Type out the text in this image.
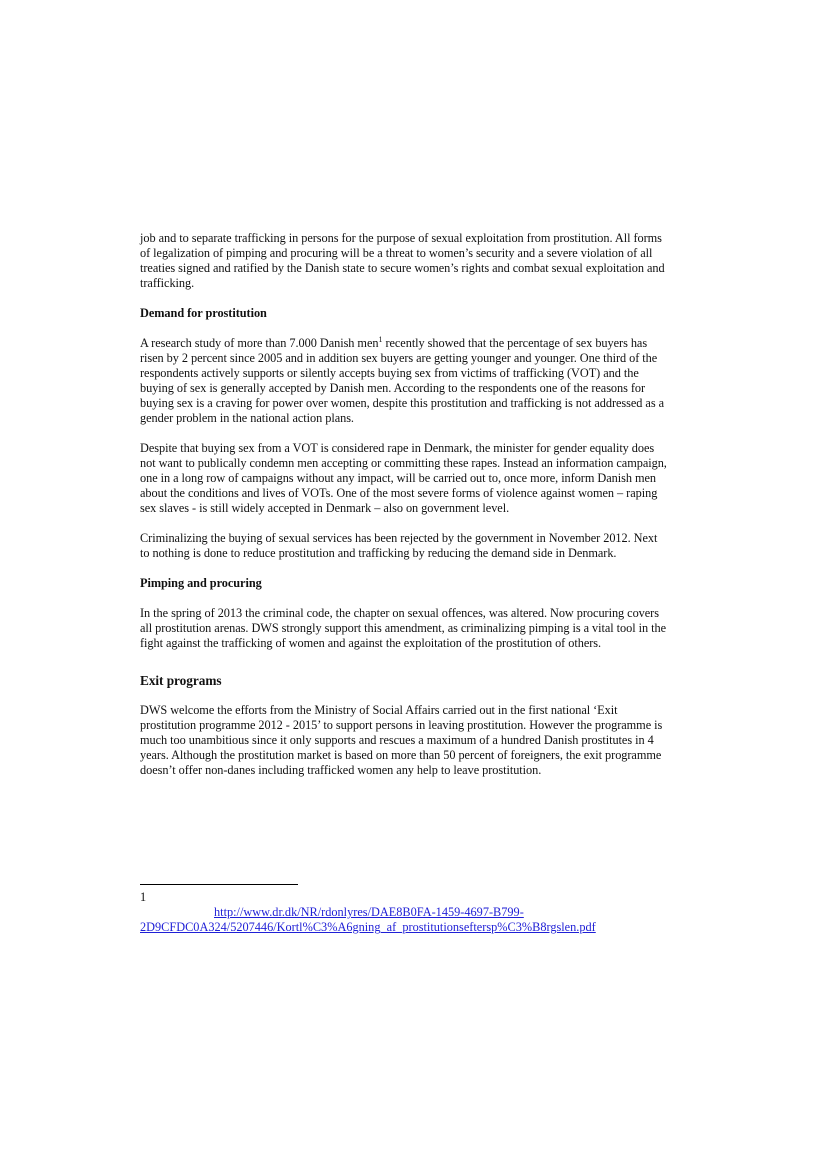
job and to separate trafficking in persons for the purpose of sexual exploitation from prostitution. All forms of legalization of pimping and procuring will be a threat to women’s security and a severe violation of all treaties signed and ratified by the Danish state to secure women’s rights and combat sexual exploitation and trafficking.

Demand for prostitution

A research study of more than 7.000 Danish men$^1$ recently showed that the percentage of sex buyers has risen by 2 percent since 2005 and in addition sex buyers are getting younger and younger. One third of the respondents actively supports or silently accepts buying sex from victims of trafficking (VOT) and the buying of sex is generally accepted by Danish men. According to the respondents one of the reasons for buying sex is a craving for power over women, despite this prostitution and trafficking is not addressed as a gender problem in the national action plans.

Despite that buying sex from a VOT is considered rape in Denmark, the minister for gender equality does not want to publically condemn men accepting or committing these rapes. Instead an information campaign, one in a long row of campaigns without any impact, will be carried out to, once more, inform Danish men about the conditions and lives of VOTs. One of the most severe forms of violence against women – raping sex slaves - is still widely accepted in Denmark – also on government level.

Criminalizing the buying of sexual services has been rejected by the government in November 2012. Next to nothing is done to reduce prostitution and trafficking by reducing the demand side in Denmark.

Pimping and procuring

In the spring of 2013 the criminal code, the chapter on sexual offences, was altered. Now procuring covers all prostitution arenas. DWS strongly support this amendment, as criminalizing pimping is a vital tool in the fight against the trafficking of women and against the exploitation of the prostitution of others.

Exit programs

DWS welcome the efforts from the Ministry of Social Affairs carried out in the first national ‘Exit prostitution programme 2012 - 2015’ to support persons in leaving prostitution. However the programme is much too unambitious since it only supports and rescues a maximum of a hundred Danish prostitutes in 4 years. Although the prostitution market is based on more than 50 percent of foreigners, the exit programme doesn’t offer non-danes including trafficked women any help to leave prostitution.

1
http://www.dr.dk/NR/rdonlyres/DAE8B0FA-1459-4697-B799-
2D9CFDC0A324/5207446/Kortl%C3%A6gning_af_prostitutionseftersp%C3%B8rgslen.pdf
